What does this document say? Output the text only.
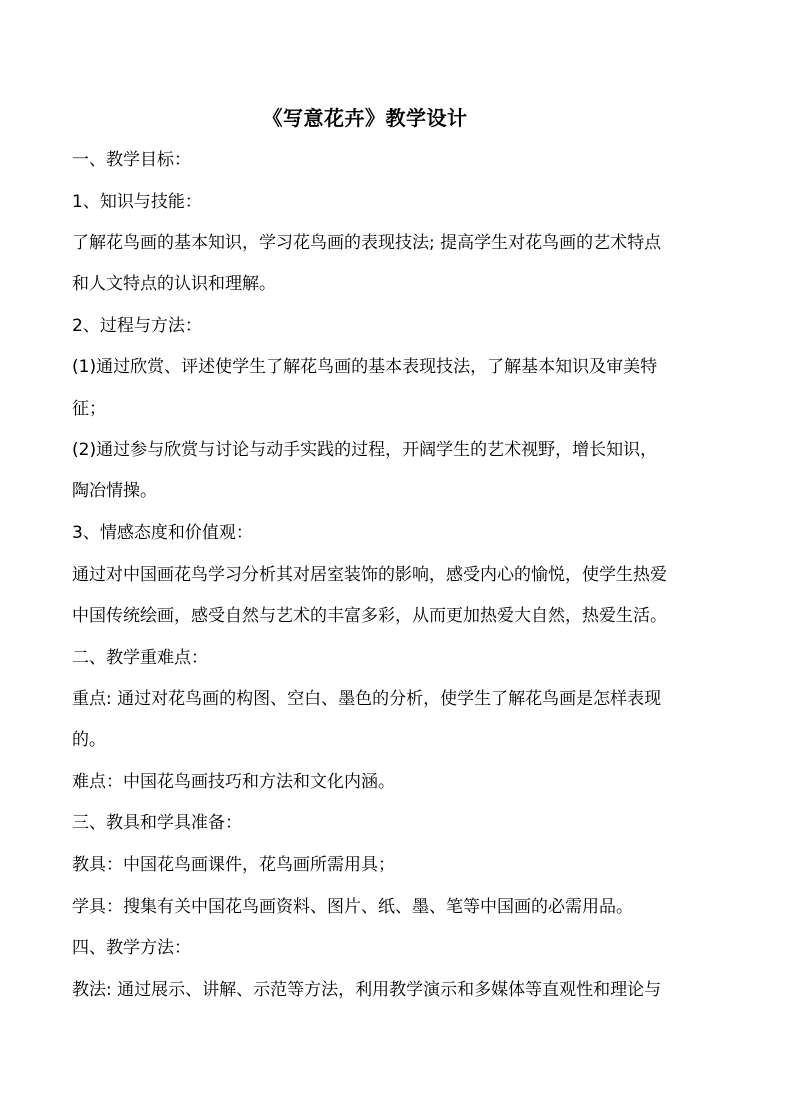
《写意花卉》教学设计
一、教学目标：
1、知识与技能：
了解花鸟画的基本知识，学习花鸟画的表现技法; 提高学生对花鸟画的艺术特点
和人文特点的认识和理解。
2、过程与方法：
(1)通过欣赏、评述使学生了解花鸟画的基本表现技法，了解基本知识及审美特
征；
(2)通过参与欣赏与讨论与动手实践的过程，开阔学生的艺术视野，增长知识，
陶冶情操。
3、情感态度和价值观：
通过对中国画花鸟学习分析其对居室装饰的影响，感受内心的愉悦，使学生热爱
中国传统绘画，感受自然与艺术的丰富多彩，从而更加热爱大自然，热爱生活。
二、教学重难点：
重点: 通过对花鸟画的构图、空白、墨色的分析，使学生了解花鸟画是怎样表现
的。
难点：中国花鸟画技巧和方法和文化内涵。
三、教具和学具准备：
教具：中国花鸟画课件，花鸟画所需用具；
学具：搜集有关中国花鸟画资料、图片、纸、墨、笔等中国画的必需用品。
四、教学方法：
教法: 通过展示、讲解、示范等方法，利用教学演示和多媒体等直观性和理论与
